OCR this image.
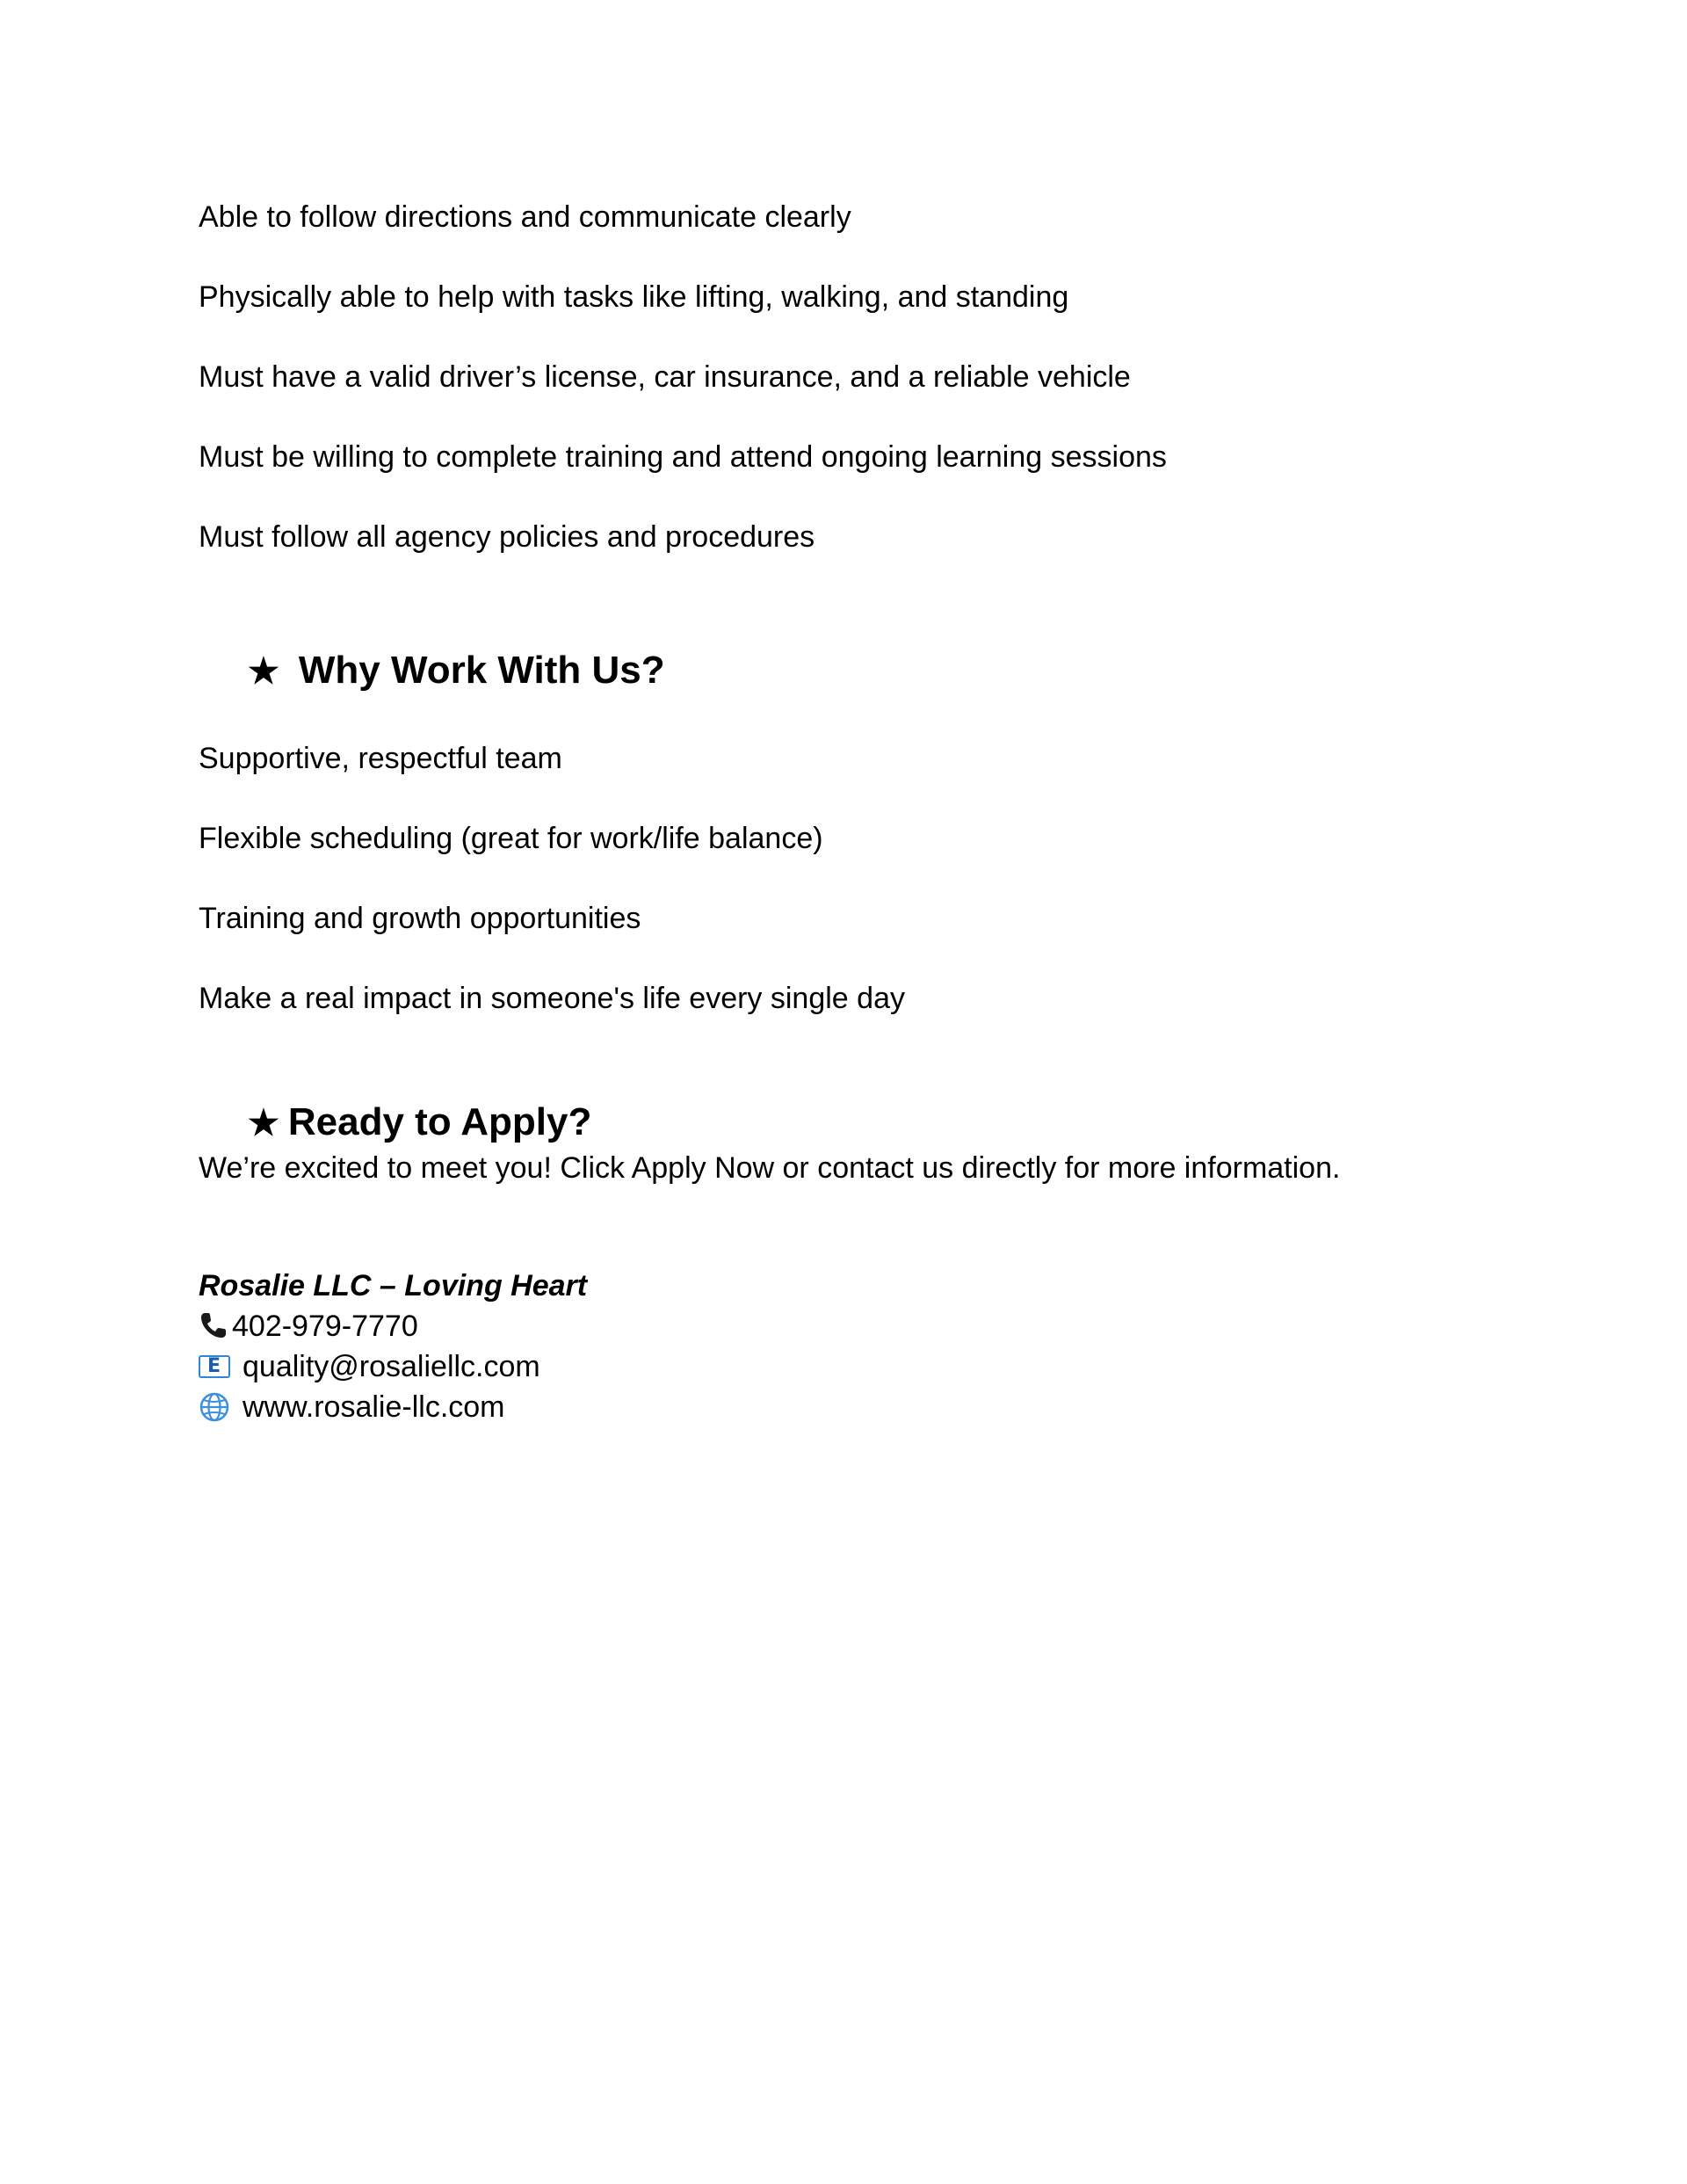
Able to follow directions and communicate clearly
Physically able to help with tasks like lifting, walking, and standing
Must have a valid driver’s license, car insurance, and a reliable vehicle
Must be willing to complete training and attend ongoing learning sessions
Must follow all agency policies and procedures
★ Why Work With Us?
Supportive, respectful team
Flexible scheduling (great for work/life balance)
Training and growth opportunities
Make a real impact in someone's life every single day
★ Ready to Apply?
We’re excited to meet you! Click Apply Now or contact us directly for more information.
Rosalie LLC – Loving Heart
402-979-7770
E quality@rosaliellc.com
www.rosalie-llc.com
